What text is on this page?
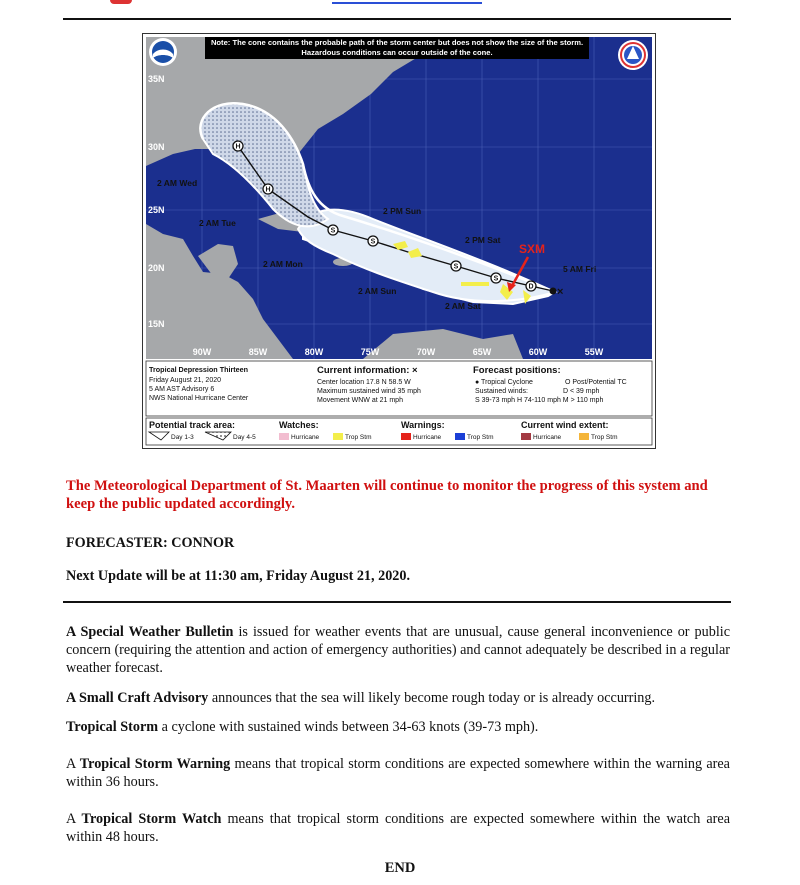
H
H
S
S
S
S
D ×
SXM
35N
30N
25N
20N
15N
90W	85W	80W	75W	70W	65W	60W	55W
2 AM Wed
2 AM Tue
2 AM Mon
2 PM Sun
2 AM Sun
2 PM Sat
2 AM Sat
5 AM Fri
Note: The cone contains the probable path of the storm center but does not show the size of the storm. Hazardous conditions can occur outside of the cone.
Tropical Depression Thirteen
Friday August 21, 2020
5 AM AST Advisory 6
NWS National Hurricane Center
Current information: ×
Center location 17.8 N 58.5 W
Maximum sustained wind 35 mph
Movement WNW at 21 mph
Forecast positions:
● Tropical Cyclone	O Post/Potential TC
Sustained winds:	D < 39 mph
S 39-73 mph H 74-110 mph M > 110 mph
Potential track area:
Day 1-3	Day 4-5
Watches:
Hurricane	Trop Stm
Warnings:
Hurricane	Trop Stm
Current wind extent:
Hurricane	Trop Stm
The Meteorological Department of St. Maarten will continue to monitor the progress of this system and keep the public updated accordingly.
FORECASTER: CONNOR
Next Update will be at 11:30 am, Friday August 21, 2020.
A Special Weather Bulletin is issued for weather events that are unusual, cause general inconvenience or public concern (requiring the attention and action of emergency authorities) and cannot adequately be described in a regular weather forecast.
A Small Craft Advisory announces that the sea will likely become rough today or is already occurring.
Tropical Storm a cyclone with sustained winds between 34-63 knots (39-73 mph).
A Tropical Storm Warning means that tropical storm conditions are expected somewhere within the warning area within 36 hours.
A Tropical Storm Watch means that tropical storm conditions are expected somewhere within the watch area within 48 hours.
END
